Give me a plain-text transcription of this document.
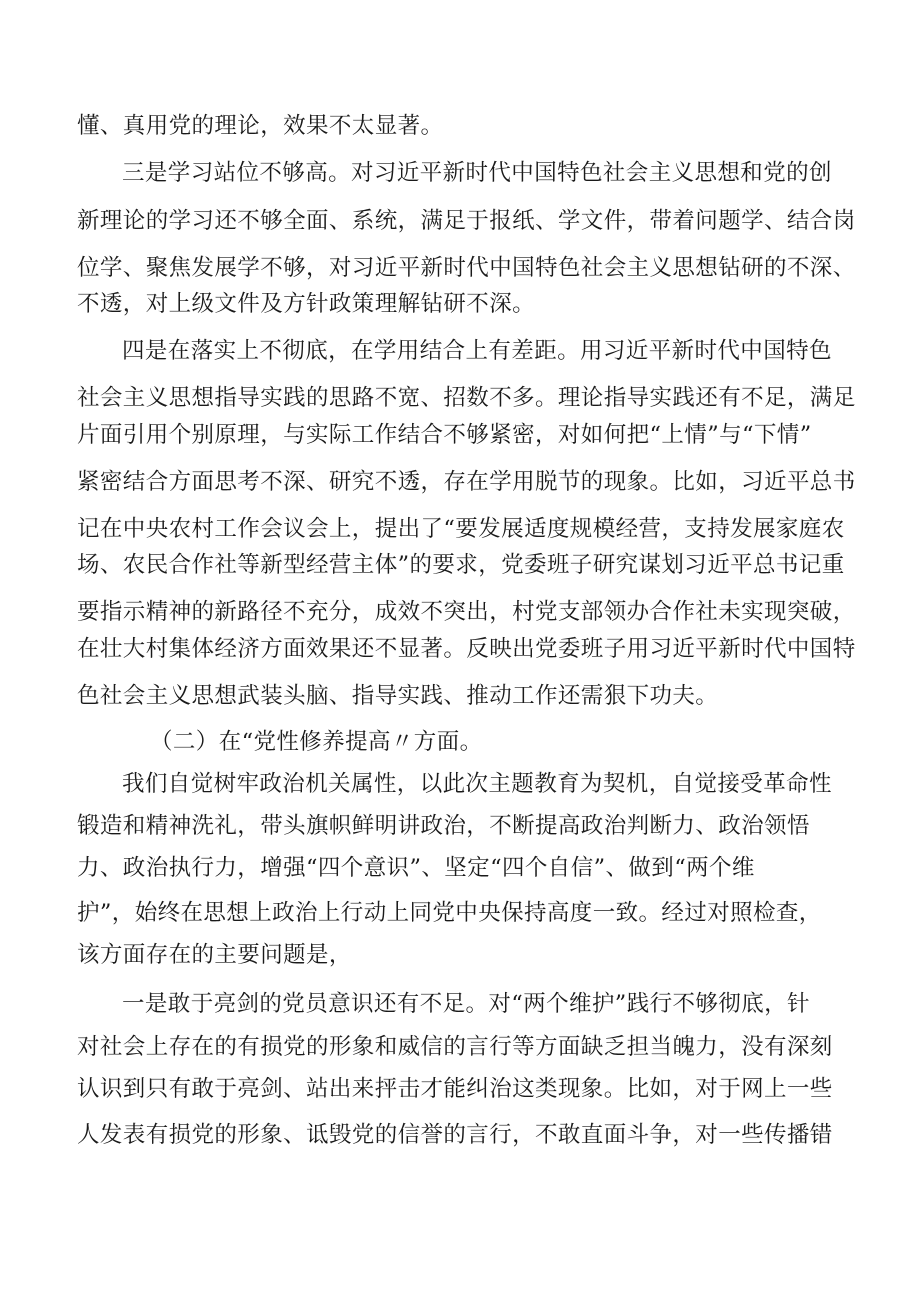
懂、真用党的理论，效果不太显著。
三是学习站位不够高。对习近平新时代中国特色社会主义思想和党的创
新理论的学习还不够全面、系统，满足于报纸、学文件，带着问题学、结合岗
位学、聚焦发展学不够，对习近平新时代中国特色社会主义思想钻研的不深、
不透，对上级文件及方针政策理解钻研不深。
四是在落实上不彻底，在学用结合上有差距。用习近平新时代中国特色
社会主义思想指导实践的思路不宽、招数不多。理论指导实践还有不足，满足
片面引用个别原理，与实际工作结合不够紧密，对如何把“上情”与“下情”
紧密结合方面思考不深、研究不透，存在学用脱节的现象。比如，习近平总书
记在中央农村工作会议会上，提出了“要发展适度规模经营，支持发展家庭农
场、农民合作社等新型经营主体”的要求，党委班子研究谋划习近平总书记重
要指示精神的新路径不充分，成效不突出，村党支部领办合作社未实现突破，
在壮大村集体经济方面效果还不显著。反映出党委班子用习近平新时代中国特
色社会主义思想武装头脑、指导实践、推动工作还需狠下功夫。
（二）在“党性修养提高〃方面。
我们自觉树牢政治机关属性，以此次主题教育为契机，自觉接受革命性
锻造和精神洗礼，带头旗帜鲜明讲政治，不断提高政治判断力、政治领悟
力、政治执行力，增强“四个意识”、坚定“四个自信”、做到“两个维
护”，始终在思想上政治上行动上同党中央保持高度一致。经过对照检查，
该方面存在的主要问题是，
一是敢于亮剑的党员意识还有不足。对“两个维护”践行不够彻底，针
对社会上存在的有损党的形象和威信的言行等方面缺乏担当魄力，没有深刻
认识到只有敢于亮剑、站出来抨击才能纠治这类现象。比如，对于网上一些
人发表有损党的形象、诋毁党的信誉的言行，不敢直面斗争，对一些传播错
